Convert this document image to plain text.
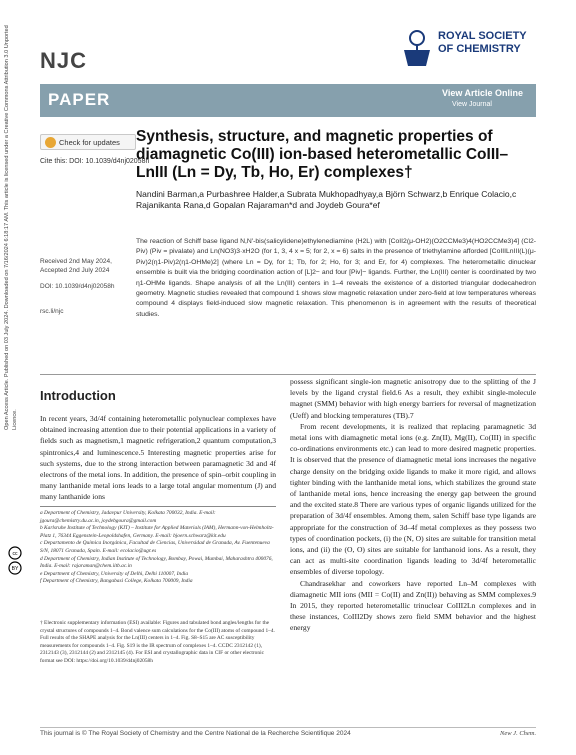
NJC
ROYAL SOCIETY
OF CHEMISTRY
PAPER	View Article Online
View Journal
Check for updates
Cite this: DOI: 10.1039/d4nj02058h
Received 2nd May 2024,
Accepted 2nd July 2024
DOI: 10.1039/d4nj02058h
rsc.li/njc
Synthesis, structure, and magnetic properties of diamagnetic Co(III) ion-based heterometallic CoIII–LnIII (Ln = Dy, Tb, Ho, Er) complexes†
Nandini Barman,a Purbashree Halder,a Subrata Mukhopadhyay,a Björn Schwarz,b Enrique Colacio,c Rajanikanta Rana,d Gopalan Rajaraman*d and Joydeb Goura*ef
The reaction of Schiff base ligand N,N′-bis(salicylidene)ethylenediamine (H2L) with [CoII2(μ-OH2)(O2CCMe3)4(HO2CCMe3)4] (Cl2-Piv) (Piv = pivalate) and Ln(NO3)3·xH2O (for 1, 3, 4 x = 5; for 2, x = 6) salts in the presence of triethylamine afforded [CoIIILnIII(L)(μ-Piv)2(η1-Piv)2(η1-OHMe)2] (where Ln = Dy, for 1; Tb, for 2; Ho, for 3; and Er, for 4) complexes. The heterometallic dinuclear ensemble is built via the bridging coordination action of [L]2− and four [Piv]− ligands. Further, the Ln(III) center is coordinated by two η1-OHMe ligands. Shape analysis of all the Ln(III) centers in 1–4 reveals the existence of a distorted triangular dodecahedron geometry. Magnetic studies revealed that compound 1 shows slow magnetic relaxation under zero-field at low temperatures whereas compound 4 displays field-induced slow magnetic relaxation. This phenomenon is in agreement with the results of theoretical studies.
Open Access Article. Published on 03 July 2024. Downloaded on 7/16/2024 6:18:17 AM. This article is licensed under a Creative Commons Attribution 3.0 Unported Licence.
cc
BY
Introduction

In recent years, 3d/4f containing heterometallic polynuclear complexes have obtained increasing attention due to their potential applications in a variety of fields such as magnetism,1 magnetic refrigeration,2 quantum computation,3 spintronics,4 and luminescence.5 Interesting magnetic properties arise for such systems, due to the strong interaction between paramagnetic 3d and 4f electrons of the metal ions. In addition, the presence of spin–orbit coupling in many lanthanide metal ions leads to a large total angular momentum (J) and many lanthanide ions

a Department of Chemistry, Jadavpur University, Kolkata 700032, India. E-mail: jgoura@chemistry.du.ac.in, joydebgoura@gmail.com
b Karlsruhe Institute of Technology (KIT) – Institute for Applied Materials (IAM), Hermann-von-Helmholtz-Platz 1, 76344 Eggenstein-Leopoldshafen, Germany. E-mail: bjoern.schwarz@kit.edu
c Departamento de Química Inorgánica, Facultad de Ciencias, Universidad de Granada, Av. Fuentenueva S/N, 18071 Granada, Spain. E-mail: ecolacio@ugr.es
d Department of Chemistry, Indian Institute of Technology, Bombay, Powai, Mumbai, Maharashtra 400076, India. E-mail: rajaraman@chem.iitb.ac.in
e Department of Chemistry, University of Delhi, Delhi 110007, India
f Department of Chemistry, Bangabasi College, Kolkata 700009, India
† Electronic supplementary information (ESI) available: Figures and tabulated bond angles/lengths for the crystal structures of compounds 1–4. Bond valence sum calculations for the Co(III) atoms of compound 1–4. Full results of the SHAPE analysis for the Ln(III) centers in 1–4. Fig. S8–S15 are AC susceptibility measurements for compounds 1–4. Fig. S19 is the IR spectrum of complexes 1–4. CCDC 2312142 (1), 2312143 (3), 2312144 (2) and 2312145 (4). For ESI and crystallographic data in CIF or other electronic format see DOI: https://doi.org/10.1039/d4nj02058h

possess significant single-ion magnetic anisotropy due to the splitting of the J levels by the ligand crystal field.6 As a result, they exhibit single-molecule magnet (SMM) behavior with high energy barriers for reversal of magnetization (Ueff) and blocking temperatures (TB).7

From recent developments, it is realized that replacing paramagnetic 3d metal ions with diamagnetic metal ions (e.g. Zn(II), Mg(II), Co(III) in specific co-ordinations environments etc.) can lead to more desired magnetic properties. It is observed that the presence of diamagnetic metal ions increases the negative charge density on the bridging oxide ligands to make it more rigid, and allows tighter binding with the lanthanide metal ions, which stabilizes the ground state of lanthanide metal ions, hence increasing the energy gap between the ground and the excited state.8 There are various types of organic ligands utilized for the preparation of 3d/4f ensembles. Among them, salen Schiff base type ligands are appropriate for the construction of 3d–4f metal complexes as they possess two types of coordination pockets, (i) the (N, O) sites are suitable for transition metal ions, and (ii) the (O, O) sites are suitable for lanthanoid ions. As a result, they can act as multi-site coordination ligands leading to 3d/4f heterometallic ensembles of diverse topology.

Chandrasekhar and coworkers have reported Ln–M complexes with diamagnetic MII ions (MII = Co(II) and Zn(II)) behaving as SMM complexes.9 In 2015, they reported heterometallic trinuclear CoIII2Ln complexes and in these instances, CoIII2Dy shows zero field SMM behavior and the highest energy

This journal is © The Royal Society of Chemistry and the Centre National de la Recherche Scientifique 2024	New J. Chem.
